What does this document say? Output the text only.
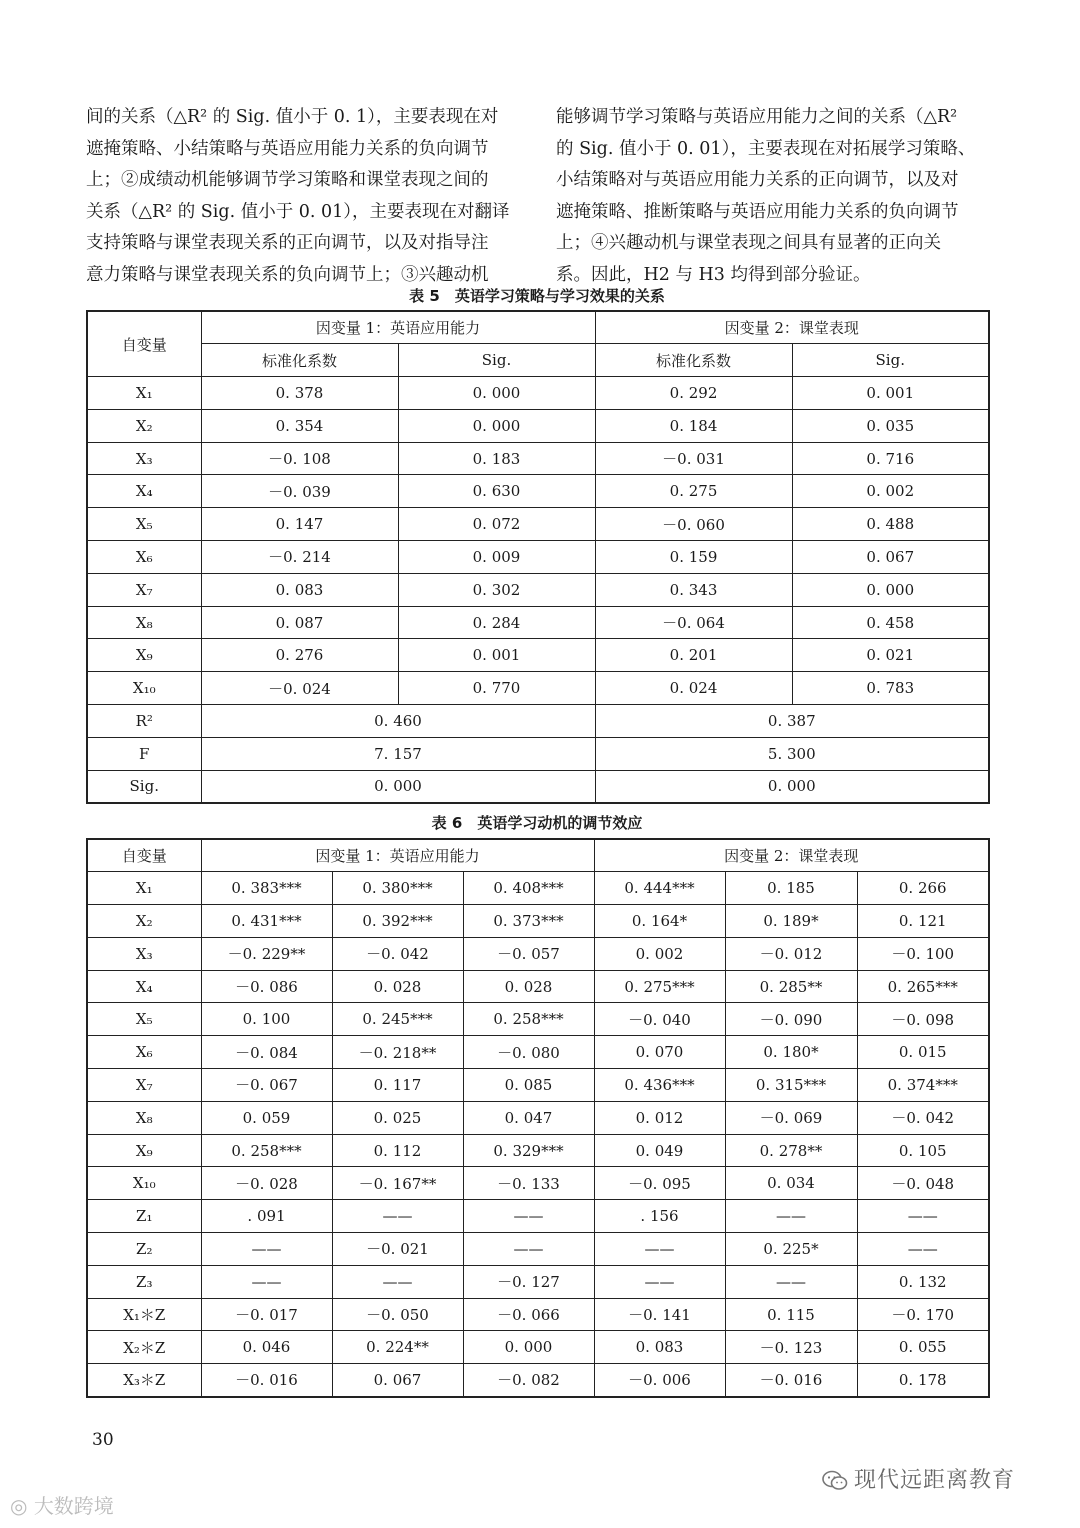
间的关系（△R² 的 Sig. 值小于 0. 1），主要表现在对

遮掩策略、小结策略与英语应用能力关系的负向调节

上；②成绩动机能够调节学习策略和课堂表现之间的

关系（△R² 的 Sig. 值小于 0. 01），主要表现在对翻译

支持策略与课堂表现关系的正向调节，以及对指导注

意力策略与课堂表现关系的负向调节上；③兴趣动机

能够调节学习策略与英语应用能力之间的关系（△R²

的 Sig. 值小于 0. 01），主要表现在对拓展学习策略、

小结策略对与英语应用能力关系的正向调节，以及对

遮掩策略、推断策略与英语应用能力关系的负向调节

上；④兴趣动机与课堂表现之间具有显著的正向关

系。因此，H2 与 H3 均得到部分验证。

表 5　英语学习策略与学习效果的关系
自变量	因变量 1：英语应用能力		因变量 2：课堂表现	
	标准化系数	Sig.	标准化系数	Sig.
X₁	0. 378	0. 000	0. 292	0. 001
X₂	0. 354	0. 000	0. 184	0. 035
X₃	－0. 108	0. 183	－0. 031	0. 716
X₄	－0. 039	0. 630	0. 275	0. 002
X₅	0. 147	0. 072	－0. 060	0. 488
X₆	－0. 214	0. 009	0. 159	0. 067
X₇	0. 083	0. 302	0. 343	0. 000
X₈	0. 087	0. 284	－0. 064	0. 458
X₉	0. 276	0. 001	0. 201	0. 021
X₁₀	－0. 024	0. 770	0. 024	0. 783
R²	0. 460		0. 387	
F	7. 157		5. 300	
Sig.	0. 000		0. 000	
表 6　英语学习动机的调节效应
自变量	因变量 1：英语应用能力			因变量 2：课堂表现		
X₁	0. 383***	0. 380***	0. 408***	0. 444***	0. 185	0. 266
X₂	0. 431***	0. 392***	0. 373***	0. 164*	0. 189*	0. 121
X₃	－0. 229**	－0. 042	－0. 057	0. 002	－0. 012	－0. 100
X₄	－0. 086	0. 028	0. 028	0. 275***	0. 285**	0. 265***
X₅	0. 100	0. 245***	0. 258***	－0. 040	－0. 090	－0. 098
X₆	－0. 084	－0. 218**	－0. 080	0. 070	0. 180*	0. 015
X₇	－0. 067	0. 117	0. 085	0. 436***	0. 315***	0. 374***
X₈	0. 059	0. 025	0. 047	0. 012	－0. 069	－0. 042
X₉	0. 258***	0. 112	0. 329***	0. 049	0. 278**	0. 105
X₁₀	－0. 028	－0. 167**	－0. 133	－0. 095	0. 034	－0. 048
Z₁	. 091	——	——	. 156	——	——
Z₂	——	－0. 021	——	——	0. 225*	——
Z₃	——	——	－0. 127	——	——	0. 132
X₁＊Z	－0. 017	－0. 050	－0. 066	－0. 141	0. 115	－0. 170
X₂＊Z	0. 046	0. 224**	0. 000	0. 083	－0. 123	0. 055
X₃＊Z	－0. 016	0. 067	－0. 082	－0. 006	－0. 016	0. 178
30
现代远距离教育
◎ 大数跨境
